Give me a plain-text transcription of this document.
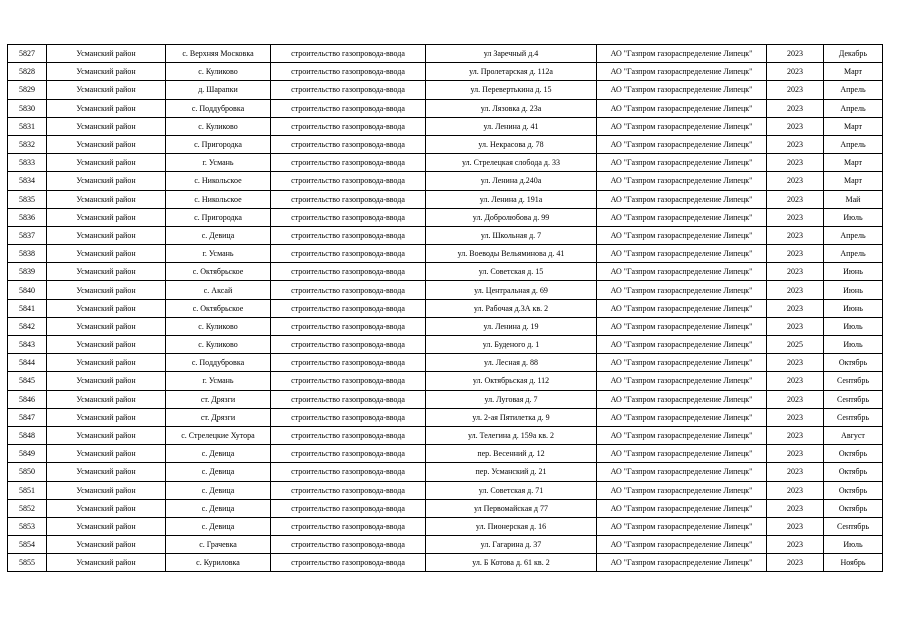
5827	Усманский район	с. Верхняя Московка	строительство газопровода-ввода	ул Заречный д.4	АО "Газпром газораспределение Липецк"	2023	Декабрь
5828	Усманский район	с. Куликово	строительство газопровода-ввода	ул. Пролетарская д. 112а	АО "Газпром газораспределение Липецк"	2023	Март
5829	Усманский район	д. Шарапки	строительство газопровода-ввода	ул. Перевертькина д. 15	АО "Газпром газораспределение Липецк"	2023	Апрель
5830	Усманский район	с. Поддубровка	строительство газопровода-ввода	ул. Лязовка д. 23а	АО "Газпром газораспределение Липецк"	2023	Апрель
5831	Усманский район	с. Куликово	строительство газопровода-ввода	ул. Ленина д. 41	АО "Газпром газораспределение Липецк"	2023	Март
5832	Усманский район	с. Пригородка	строительство газопровода-ввода	ул. Некрасова д. 78	АО "Газпром газораспределение Липецк"	2023	Апрель
5833	Усманский район	г. Усмань	строительство газопровода-ввода	ул. Стрелецкая слобода д. 33	АО "Газпром газораспределение Липецк"	2023	Март
5834	Усманский район	с. Никольское	строительство газопровода-ввода	ул. Ленина д.240а	АО "Газпром газораспределение Липецк"	2023	Март
5835	Усманский район	с. Никольское	строительство газопровода-ввода	ул. Ленина д. 191а	АО "Газпром газораспределение Липецк"	2023	Май
5836	Усманский район	с. Пригородка	строительство газопровода-ввода	ул. Добролюбова д. 99	АО "Газпром газораспределение Липецк"	2023	Июль
5837	Усманский район	с. Девица	строительство газопровода-ввода	ул. Школьная д. 7	АО "Газпром газораспределение Липецк"	2023	Апрель
5838	Усманский район	г. Усмань	строительство газопровода-ввода	ул. Воеводы Вельяминова д. 41	АО "Газпром газораспределение Липецк"	2023	Апрель
5839	Усманский район	с. Октябрьское	строительство газопровода-ввода	ул. Советская д. 15	АО "Газпром газораспределение Липецк"	2023	Июнь
5840	Усманский район	с. Аксай	строительство газопровода-ввода	ул. Центральная д. 69	АО "Газпром газораспределение Липецк"	2023	Июнь
5841	Усманский район	с. Октябрьское	строительство газопровода-ввода	ул. Рабочая д.3А кв. 2	АО "Газпром газораспределение Липецк"	2023	Июнь
5842	Усманский район	с. Куликово	строительство газопровода-ввода	ул. Ленина д. 19	АО "Газпром газораспределение Липецк"	2023	Июль
5843	Усманский район	с. Куликово	строительство газопровода-ввода	ул. Буденого д. 1	АО "Газпром газораспределение Липецк"	2025	Июль
5844	Усманский район	с. Поддубровка	строительство газопровода-ввода	ул. Лесная д. 88	АО "Газпром газораспределение Липецк"	2023	Октябрь
5845	Усманский район	г. Усмань	строительство газопровода-ввода	ул. Октябрьская д. 112	АО "Газпром газораспределение Липецк"	2023	Сентябрь
5846	Усманский район	ст. Дрязги	строительство газопровода-ввода	ул. Луговая д. 7	АО "Газпром газораспределение Липецк"	2023	Сентябрь
5847	Усманский район	ст. Дрязги	строительство газопровода-ввода	ул. 2-ая Пятилетка д. 9	АО "Газпром газораспределение Липецк"	2023	Сентябрь
5848	Усманский район	с. Стрелецкие Хутора	строительство газопровода-ввода	ул. Телегина д. 159а кв. 2	АО "Газпром газораспределение Липецк"	2023	Август
5849	Усманский район	с. Девица	строительство газопровода-ввода	пер. Весенний д. 12	АО "Газпром газораспределение Липецк"	2023	Октябрь
5850	Усманский район	с. Девица	строительство газопровода-ввода	пер. Усманский д. 21	АО "Газпром газораспределение Липецк"	2023	Октябрь
5851	Усманский район	с. Девица	строительство газопровода-ввода	ул. Советская д. 71	АО "Газпром газораспределение Липецк"	2023	Октябрь
5852	Усманский район	с. Девица	строительство газопровода-ввода	ул Первомайская д 77	АО "Газпром газораспределение Липецк"	2023	Октябрь
5853	Усманский район	с. Девица	строительство газопровода-ввода	ул. Пионерская д. 16	АО "Газпром газораспределение Липецк"	2023	Сентябрь
5854	Усманский район	с. Грачевка	строительство газопровода-ввода	ул. Гагарина д. 37	АО "Газпром газораспределение Липецк"	2023	Июль
5855	Усманский район	с. Куриловка	строительство газопровода-ввода	ул. Б Котова д. 61 кв. 2	АО "Газпром газораспределение Липецк"	2023	Ноябрь
